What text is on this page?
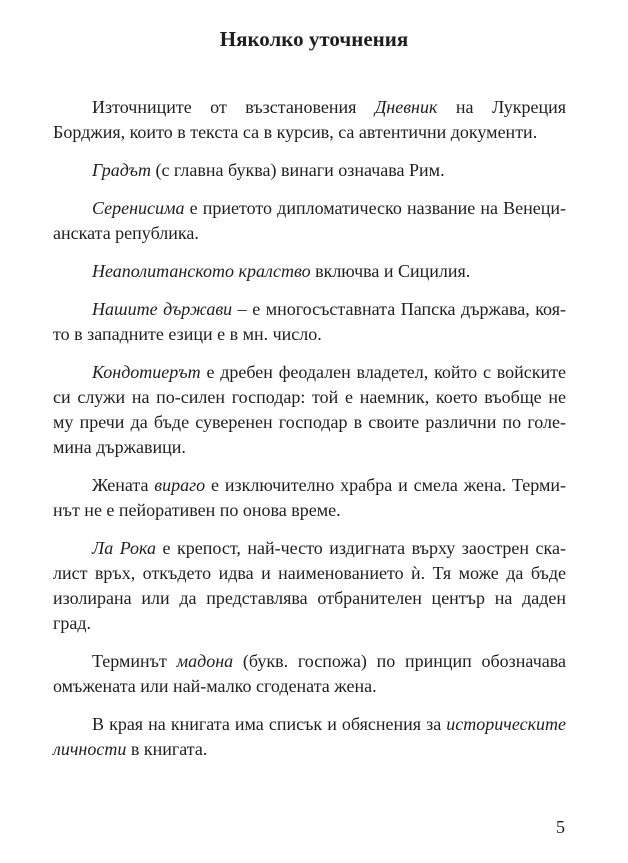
Няколко уточнения

Източниците от възстановения Дневник на Лукреция Борджия, които в текста са в курсив, са автентични документи.

Градът (с главна буква) винаги означава Рим.

Серенисима е приетото дипломатическо название на Венецианската република.

Неаполитанското кралство включва и Сицилия.

Нашите държави – е многосъставната Папска държава, която в западните езици е в мн. число.

Кондотиерът е дребен феодален владетел, който с войските си служи на по-силен господар: той е наемник, което въобще не му пречи да бъде суверенен господар в своите различни по големина държавици.

Жената вираго е изключително храбра и смела жена. Терминът не е пейоративен по онова време.

Ла Рока е крепост, най-често издигната върху заострен скалист връх, откъдето идва и наименованието ѝ. Тя може да бъде изолирана или да представлява отбранителен център на даден град.

Терминът мадона (букв. госпожа) по принцип обозначава омъжената или най-малко сгодената жена.

В края на книгата има списък и обяснения за историческите личности в книгата.

5
